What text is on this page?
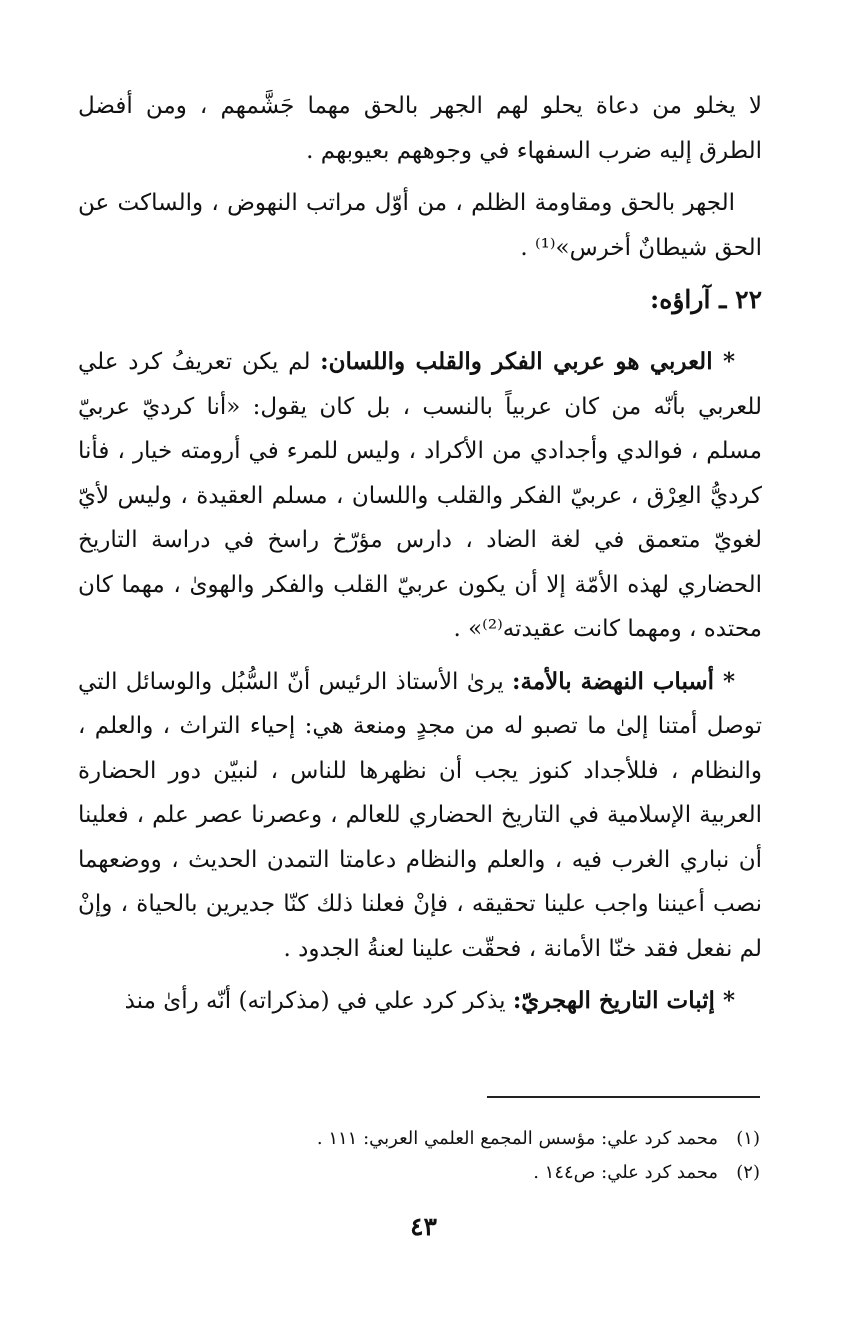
لا يخلو من دعاة يحلو لهم الجهر بالحق مهما جَشَّمهم ، ومن أفضل الطرق إليه ضرب السفهاء في وجوههم بعيوبهم .

الجهر بالحق ومقاومة الظلم ، من أوّل مراتب النهوض ، والساكت عن الحق شيطانٌ أخرس»⁽¹⁾ .

٢٢ ـ آراؤه:

* العربي هو عربي الفكر والقلب واللسان: لم يكن تعريفُ كرد علي للعربي بأنّه من كان عربياً بالنسب ، بل كان يقول: «أنا كرديّ عربيّ مسلم ، فوالدي وأجدادي من الأكراد ، وليس للمرء في أرومته خيار ، فأنا كرديُّ العِرْق ، عربيّ الفكر والقلب واللسان ، مسلم العقيدة ، وليس لأيّ لغويّ متعمق في لغة الضاد ، دارس مؤرّخ راسخ في دراسة التاريخ الحضاري لهذه الأمّة إلا أن يكون عربيّ القلب والفكر والهوىٰ ، مهما كان محتده ، ومهما كانت عقيدته⁽²⁾» .

* أسباب النهضة بالأمة: يرىٰ الأستاذ الرئيس أنّ السُّبُل والوسائل التي توصل أمتنا إلىٰ ما تصبو له من مجدٍ ومنعة هي: إحياء التراث ، والعلم ، والنظام ، فللأجداد كنوز يجب أن نظهرها للناس ، لنبيّن دور الحضارة العربية الإسلامية في التاريخ الحضاري للعالم ، وعصرنا عصر علم ، فعلينا أن نباري الغرب فيه ، والعلم والنظام دعامتا التمدن الحديث ، ووضعهما نصب أعيننا واجب علينا تحقيقه ، فإنْ فعلنا ذلك كنّا جديرين بالحياة ، وإنْ لم نفعل فقد خنّا الأمانة ، فحقّت علينا لعنةُ الجدود .

* إثبات التاريخ الهجريّ: يذكر كرد علي في (مذكراته) أنّه رأىٰ منذ

(١)محمد كرد علي: مؤسس المجمع العلمي العربي: ١١١ .
(٢)محمد كرد علي: ص١٤٤ .
٤٣
